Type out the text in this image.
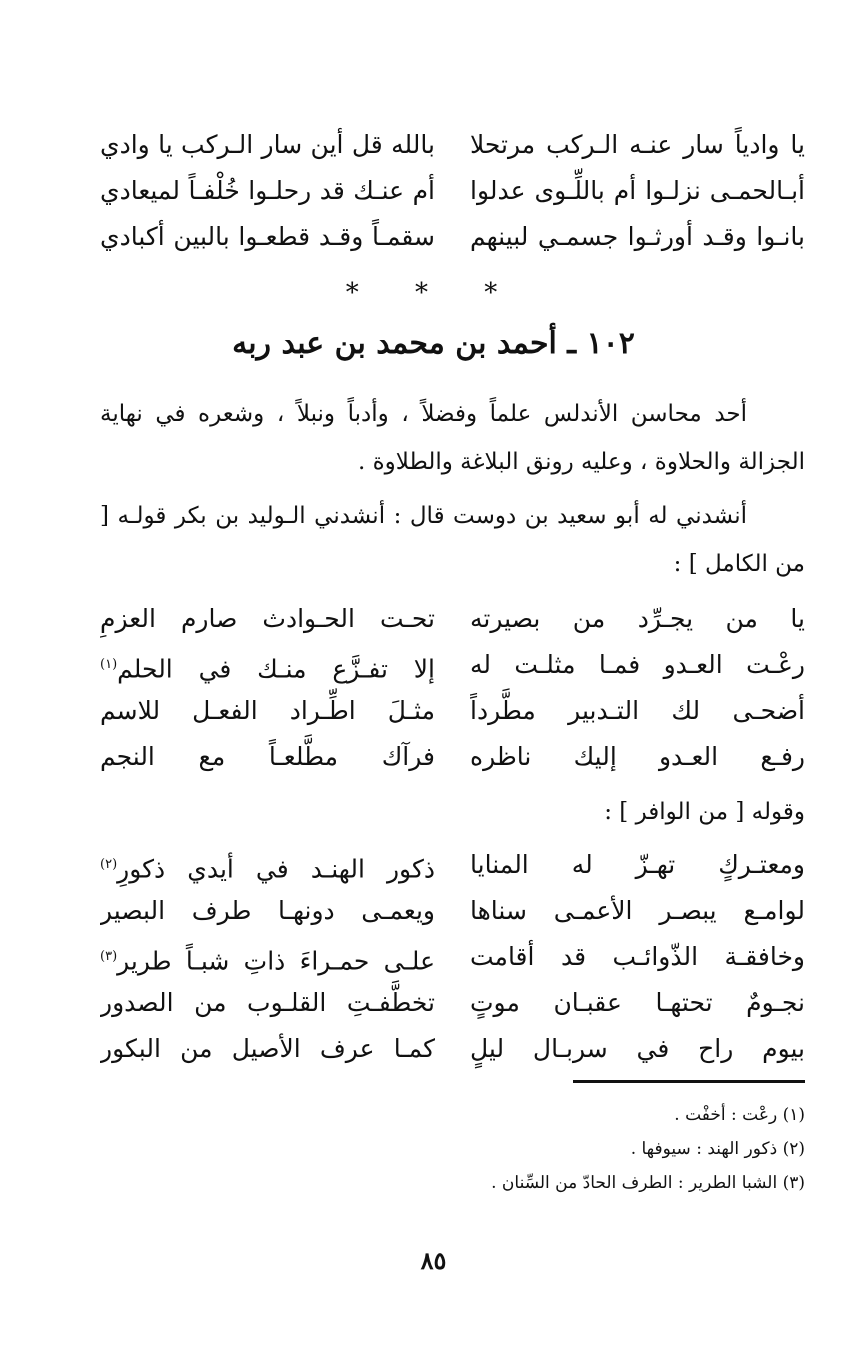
يا وادياً سار عنـه الـركب مرتحلا
بالله قل أين سار الـركب يا وادي
أبـالحمـى نزلـوا أم باللِّـوى عدلوا
أم عنـك قد رحلـوا خُلْفـاً لميعادي
بانـوا وقـد أورثـوا جسمـي لبينهم
سقمـاً وقـد قطعـوا بالبين أكبادي
* * *
١٠٢ ـ أحمد بن محمد بن عبد ربه

أحد محاسن الأندلس علماً وفضلاً ، وأدباً ونبلاً ، وشعره في نهاية الجزالة والحلاوة ، وعليه رونق البلاغة والطلاوة .

أنشدني له أبو سعيد بن دوست قال : أنشدني الـوليد بن بكر قولـه [ من الكامل ] :

يا من يجـرِّد من بصيرته
تحـت الحـوادث صارم العزمِ
رعْـت العـدو فمـا مثلـت له
إلا تفـزَّع منـك في الحلم$^{(١)}$
أضحـى لك التـدبير مطَّرداً
مثـلَ اطِّـراد الفعـل للاسم
رفـع العـدو إليك ناظره
فرآك مطَّلعـاً مع النجم

وقوله [ من الوافر ] :

ومعتـركٍ تهـزّ له المنايا
ذكور الهنـد في أيدي ذكورِ$^{(٢)}$
لوامـع يبصـر الأعمـى سناها
ويعمـى دونهـا طرف البصير
وخافقـة الذّوائـب قد أقامت
علـى حمـراءَ ذاتِ شبـاً طرير$^{(٣)}$
نجـومٌ تحتهـا عقبـان موتٍ
تخطَّفـتِ القلـوب من الصدور
بيوم راح في سربـال ليلٍ
كمـا عرف الأصيل من البكور
(١) رعْت : أخفْت .
(٢) ذكور الهند : سيوفها .
(٣) الشبا الطرير : الطرف الحادّ من السِّنان .
٨٥
